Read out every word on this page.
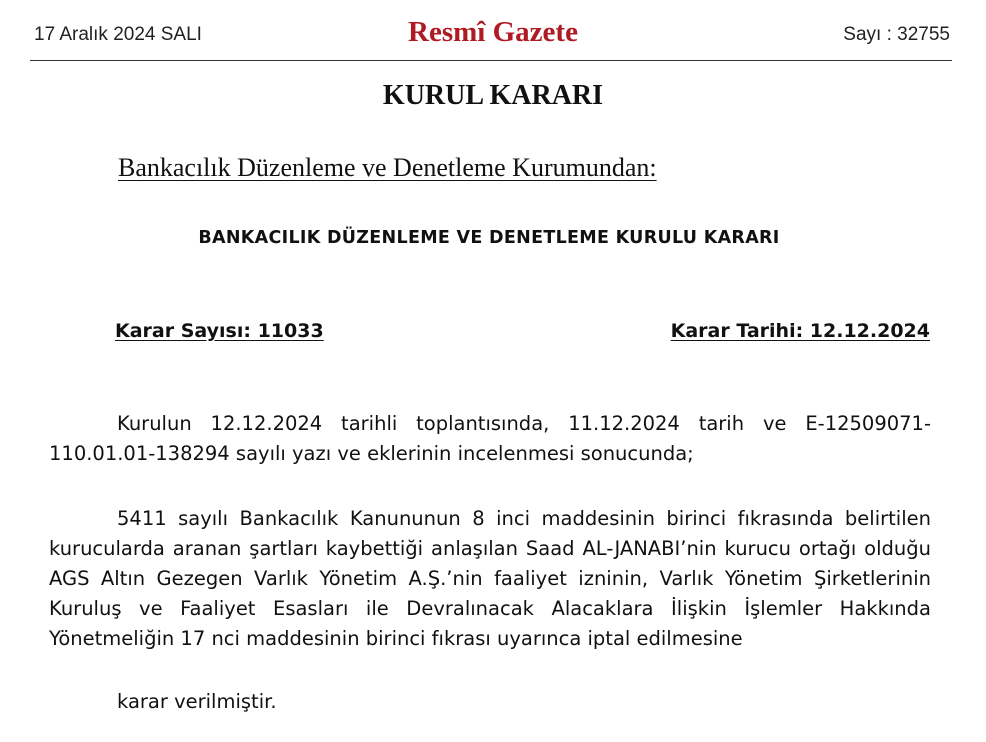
17 Aralık 2024 SALI	Resmî Gazete	Sayı : 32755
KURUL KARARI
Bankacılık Düzenleme ve Denetleme Kurumundan:
BANKACILIK DÜZENLEME VE DENETLEME KURULU KARARI
Karar Sayısı: 11033	Karar Tarihi: 12.12.2024

Kurulun 12.12.2024 tarihli toplantısında, 11.12.2024 tarih ve E-12509071-110.01.01-138294 sayılı yazı ve eklerinin incelenmesi sonucunda;

5411 sayılı Bankacılık Kanununun 8 inci maddesinin birinci fıkrasında belirtilen kurucularda aranan şartları kaybettiği anlaşılan Saad AL-JANABI’nin kurucu ortağı olduğu AGS Altın Gezegen Varlık Yönetim A.Ş.’nin faaliyet izninin, Varlık Yönetim Şirketlerinin Kuruluş ve Faaliyet Esasları ile Devralınacak Alacaklara İlişkin İşlemler Hakkında Yönetmeliğin 17 nci maddesinin birinci fıkrası uyarınca iptal edilmesine

karar verilmiştir.
